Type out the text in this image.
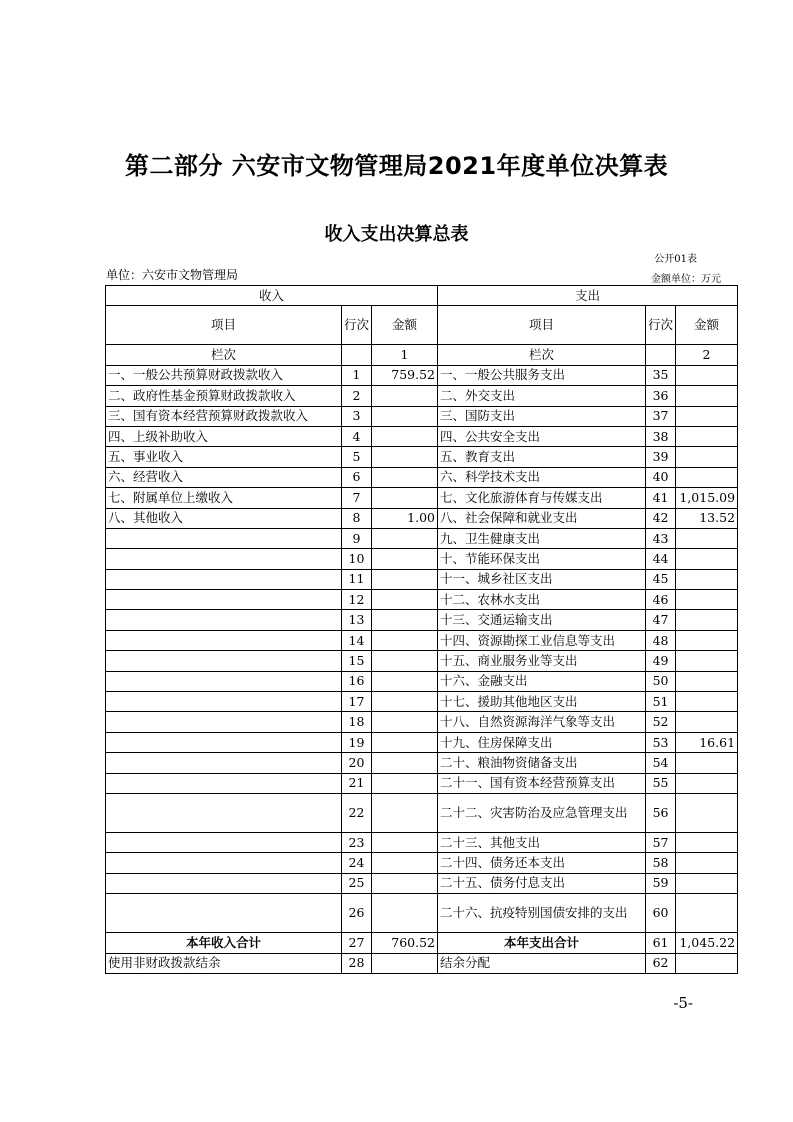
第二部分 六安市文物管理局2021年度单位决算表
收入支出决算总表
公开01表
单位：六安市文物管理局	金额单位：万元
收入			支出		
项目	行次	金额	项目	行次	金额
栏次		1	栏次		2
一、一般公共预算财政拨款收入	1	759.52	一、一般公共服务支出	35	
二、政府性基金预算财政拨款收入	2		二、外交支出	36	
三、国有资本经营预算财政拨款收入	3		三、国防支出	37	
四、上级补助收入	4		四、公共安全支出	38	
五、事业收入	5		五、教育支出	39	
六、经营收入	6		六、科学技术支出	40	
七、附属单位上缴收入	7		七、文化旅游体育与传媒支出	41	1,015.09
八、其他收入	8	1.00	八、社会保障和就业支出	42	13.52
	9		九、卫生健康支出	43	
	10		十、节能环保支出	44	
	11		十一、城乡社区支出	45	
	12		十二、农林水支出	46	
	13		十三、交通运输支出	47	
	14		十四、资源勘探工业信息等支出	48	
	15		十五、商业服务业等支出	49	
	16		十六、金融支出	50	
	17		十七、援助其他地区支出	51	
	18		十八、自然资源海洋气象等支出	52	
	19		十九、住房保障支出	53	16.61
	20		二十、粮油物资储备支出	54	
	21		二十一、国有资本经营预算支出	55	
	22		二十二、灾害防治及应急管理支出	56	
	23		二十三、其他支出	57	
	24		二十四、债务还本支出	58	
	25		二十五、债务付息支出	59	
	26		二十六、抗疫特别国债安排的支出	60	
本年收入合计	27	760.52	本年支出合计	61	1,045.22
使用非财政拨款结余	28		结余分配	62	
-5-
